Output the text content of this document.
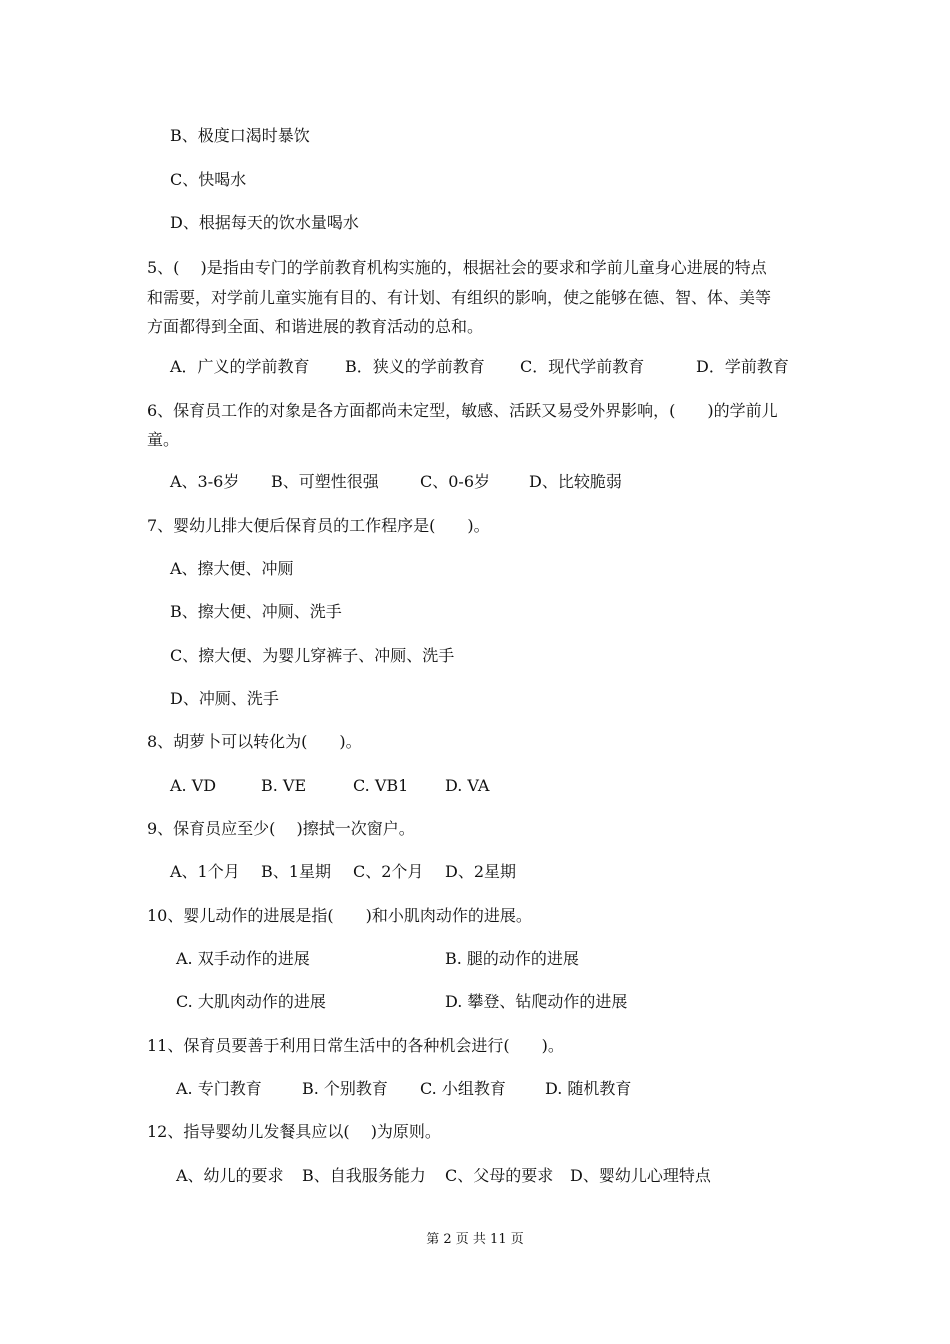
B、极度口渴时暴饮
C、快喝水
D、根据每天的饮水量喝水
5、(　 )是指由专门的学前教育机构实施的，根据社会的要求和学前儿童身心进展的特点
和需要，对学前儿童实施有目的、有计划、有组织的影响，使之能够在德、智、体、美等
方面都得到全面、和谐进展的教育活动的总和。
A．广义的学前教育 B．狭义的学前教育 C．现代学前教育	D．学前教育
6、保育员工作的对象是各方面都尚未定型，敏感、活跃又易受外界影响，(　　)的学前儿
童。
A、3-6岁 B、可塑性很强	C、0-6岁 D、比较脆弱
7、婴幼儿排大便后保育员的工作程序是(　　)。
A、擦大便、冲厕
B、擦大便、冲厕、洗手
C、擦大便、为婴儿穿裤子、冲厕、洗手
D、冲厕、洗手
8、胡萝卜可以转化为(　　)。
A. VD	B. VE	C. VB1 D. VA
9、保育员应至少(　 )擦拭一次窗户。
A、1个月 B、1星期 C、2个月 D、2星期
10、婴儿动作的进展是指(　　)和小肌肉动作的进展。
A. 双手动作的进展	B. 腿的动作的进展
C. 大肌肉动作的进展	D. 攀登、钻爬动作的进展
11、保育员要善于利用日常生活中的各种机会进行(　　)。
A. 专门教育	B. 个别教育 C. 小组教育 D. 随机教育
12、指导婴幼儿发餐具应以(　 )为原则。
A、幼儿的要求 B、自我服务能力 C、父母的要求 D、婴幼儿心理特点
第 2 页 共 11 页
